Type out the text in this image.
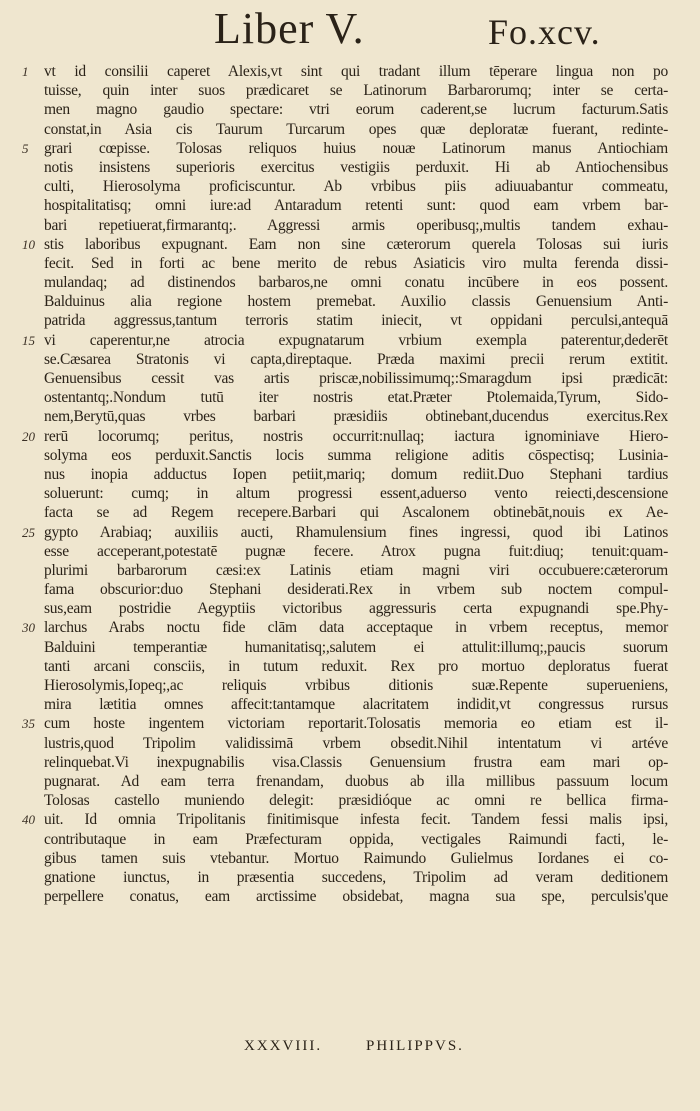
Liber V.	Fo.xcv.
1	vt id consilii caperet Alexis,vt sint qui tradant illum tēperare lingua non po
tuisse, quin inter suos prædicaret se Latinorum Barbarorumq; inter se certa-
men magno gaudio spectare: vtri eorum caderent,se lucrum facturum.Satis
constat,in Asia cis Taurum Turcarum opes quæ deploratæ fuerant, redinte-
5	grari cœpisse. Tolosas reliquos huius nouæ Latinorum manus Antiochiam
notis insistens superioris exercitus vestigiis perduxit. Hi ab Antiochensibus
culti, Hierosolyma proficiscuntur. Ab vrbibus piis adiuuabantur commeatu,
hospitalitatisq; omni iure:ad Antaradum retenti sunt: quod eam vrbem bar-
bari repetiuerat,firmarantq;. Aggressi armis operibusq;,multis tandem exhau-
10 stis laboribus expugnant. Eam non sine cæterorum querela Tolosas sui iuris
fecit. Sed in forti ac bene merito de rebus Asiaticis viro multa ferenda dissi-
mulandaq; ad distinendos barbaros,ne omni conatu incūbere in eos possent.
Balduinus alia regione hostem premebat. Auxilio classis Genuensium Anti-
patrida aggressus,tantum terroris statim iniecit, vt oppidani perculsi,antequā
15 vi caperentur,ne atrocia expugnatarum vrbium exempla paterentur,dederēt
se.Cæsarea Stratonis vi capta,direptaque. Præda maximi precii rerum extitit.
Genuensibus cessit vas artis priscæ,nobilissimumq;:Smaragdum ipsi prædicāt:
ostentantq;.Nondum tutū iter nostris etat.Præter Ptolemaida,Tyrum, Sido-
nem,Berytū,quas vrbes barbari præsidiis obtinebant,ducendus exercitus.Rex
20 rerū locorumq; peritus, nostris occurrit:nullaq; iactura ignominiave Hiero-
solyma eos perduxit.Sanctis locis summa religione aditis cōspectisq; Lusinia-
nus inopia adductus Iopen petiit,mariq; domum rediit.Duo Stephani tardius
soluerunt: cumq; in altum progressi essent,aduerso vento reiecti,descensione
facta se ad Regem recepere.Barbari qui Ascalonem obtinebāt,nouis ex Ae-
25 gypto Arabiaq; auxiliis aucti, Rhamulensium fines ingressi, quod ibi Latinos
esse acceperant,potestatē pugnæ fecere. Atrox pugna fuit:diuq; tenuit:quam-
plurimi barbarorum cæsi:ex Latinis etiam magni viri occubuere:cæterorum
fama obscurior:duo Stephani desiderati.Rex in vrbem sub noctem compul-
sus,eam postridie Aegyptiis victoribus aggressuris certa expugnandi spe.Phy-
30 larchus Arabs noctu fide clām data acceptaque in vrbem receptus, memor
Balduini temperantiæ humanitatisq;,salutem ei attulit:illumq;,paucis suorum
tanti arcani consciis, in tutum reduxit. Rex pro mortuo deploratus fuerat
Hierosolymis,Iopeq;,ac reliquis vrbibus ditionis suæ.Repente superueniens,
mira lætitia omnes affecit:tantamque alacritatem indidit,vt congressus rursus
35 cum hoste ingentem victoriam reportarit.Tolosatis memoria eo etiam est il-
lustris,quod Tripolim validissimā vrbem obsedit.Nihil intentatum vi artéve
relinquebat.Vi inexpugnabilis visa.Classis Genuensium frustra eam mari op-
pugnarat. Ad eam terra frenandam, duobus ab illa millibus passuum locum
Tolosas castello muniendo delegit: præsidióque ac omni re bellica firma-
40 uit. Id omnia Tripolitanis finitimisque infesta fecit. Tandem fessi malis ipsi,
contributaque in eam Præfecturam oppida, vectigales Raimundi facti, le-
gibus tamen suis vtebantur. Mortuo Raimundo Gulielmus Iordanes ei co-
gnatione iunctus, in præsentia succedens, Tripolim ad veram deditionem
perpellere conatus, eam arctissime obsidebat, magna sua spe, perculsis'que
XXXVIII.	PHILIPPVS.
